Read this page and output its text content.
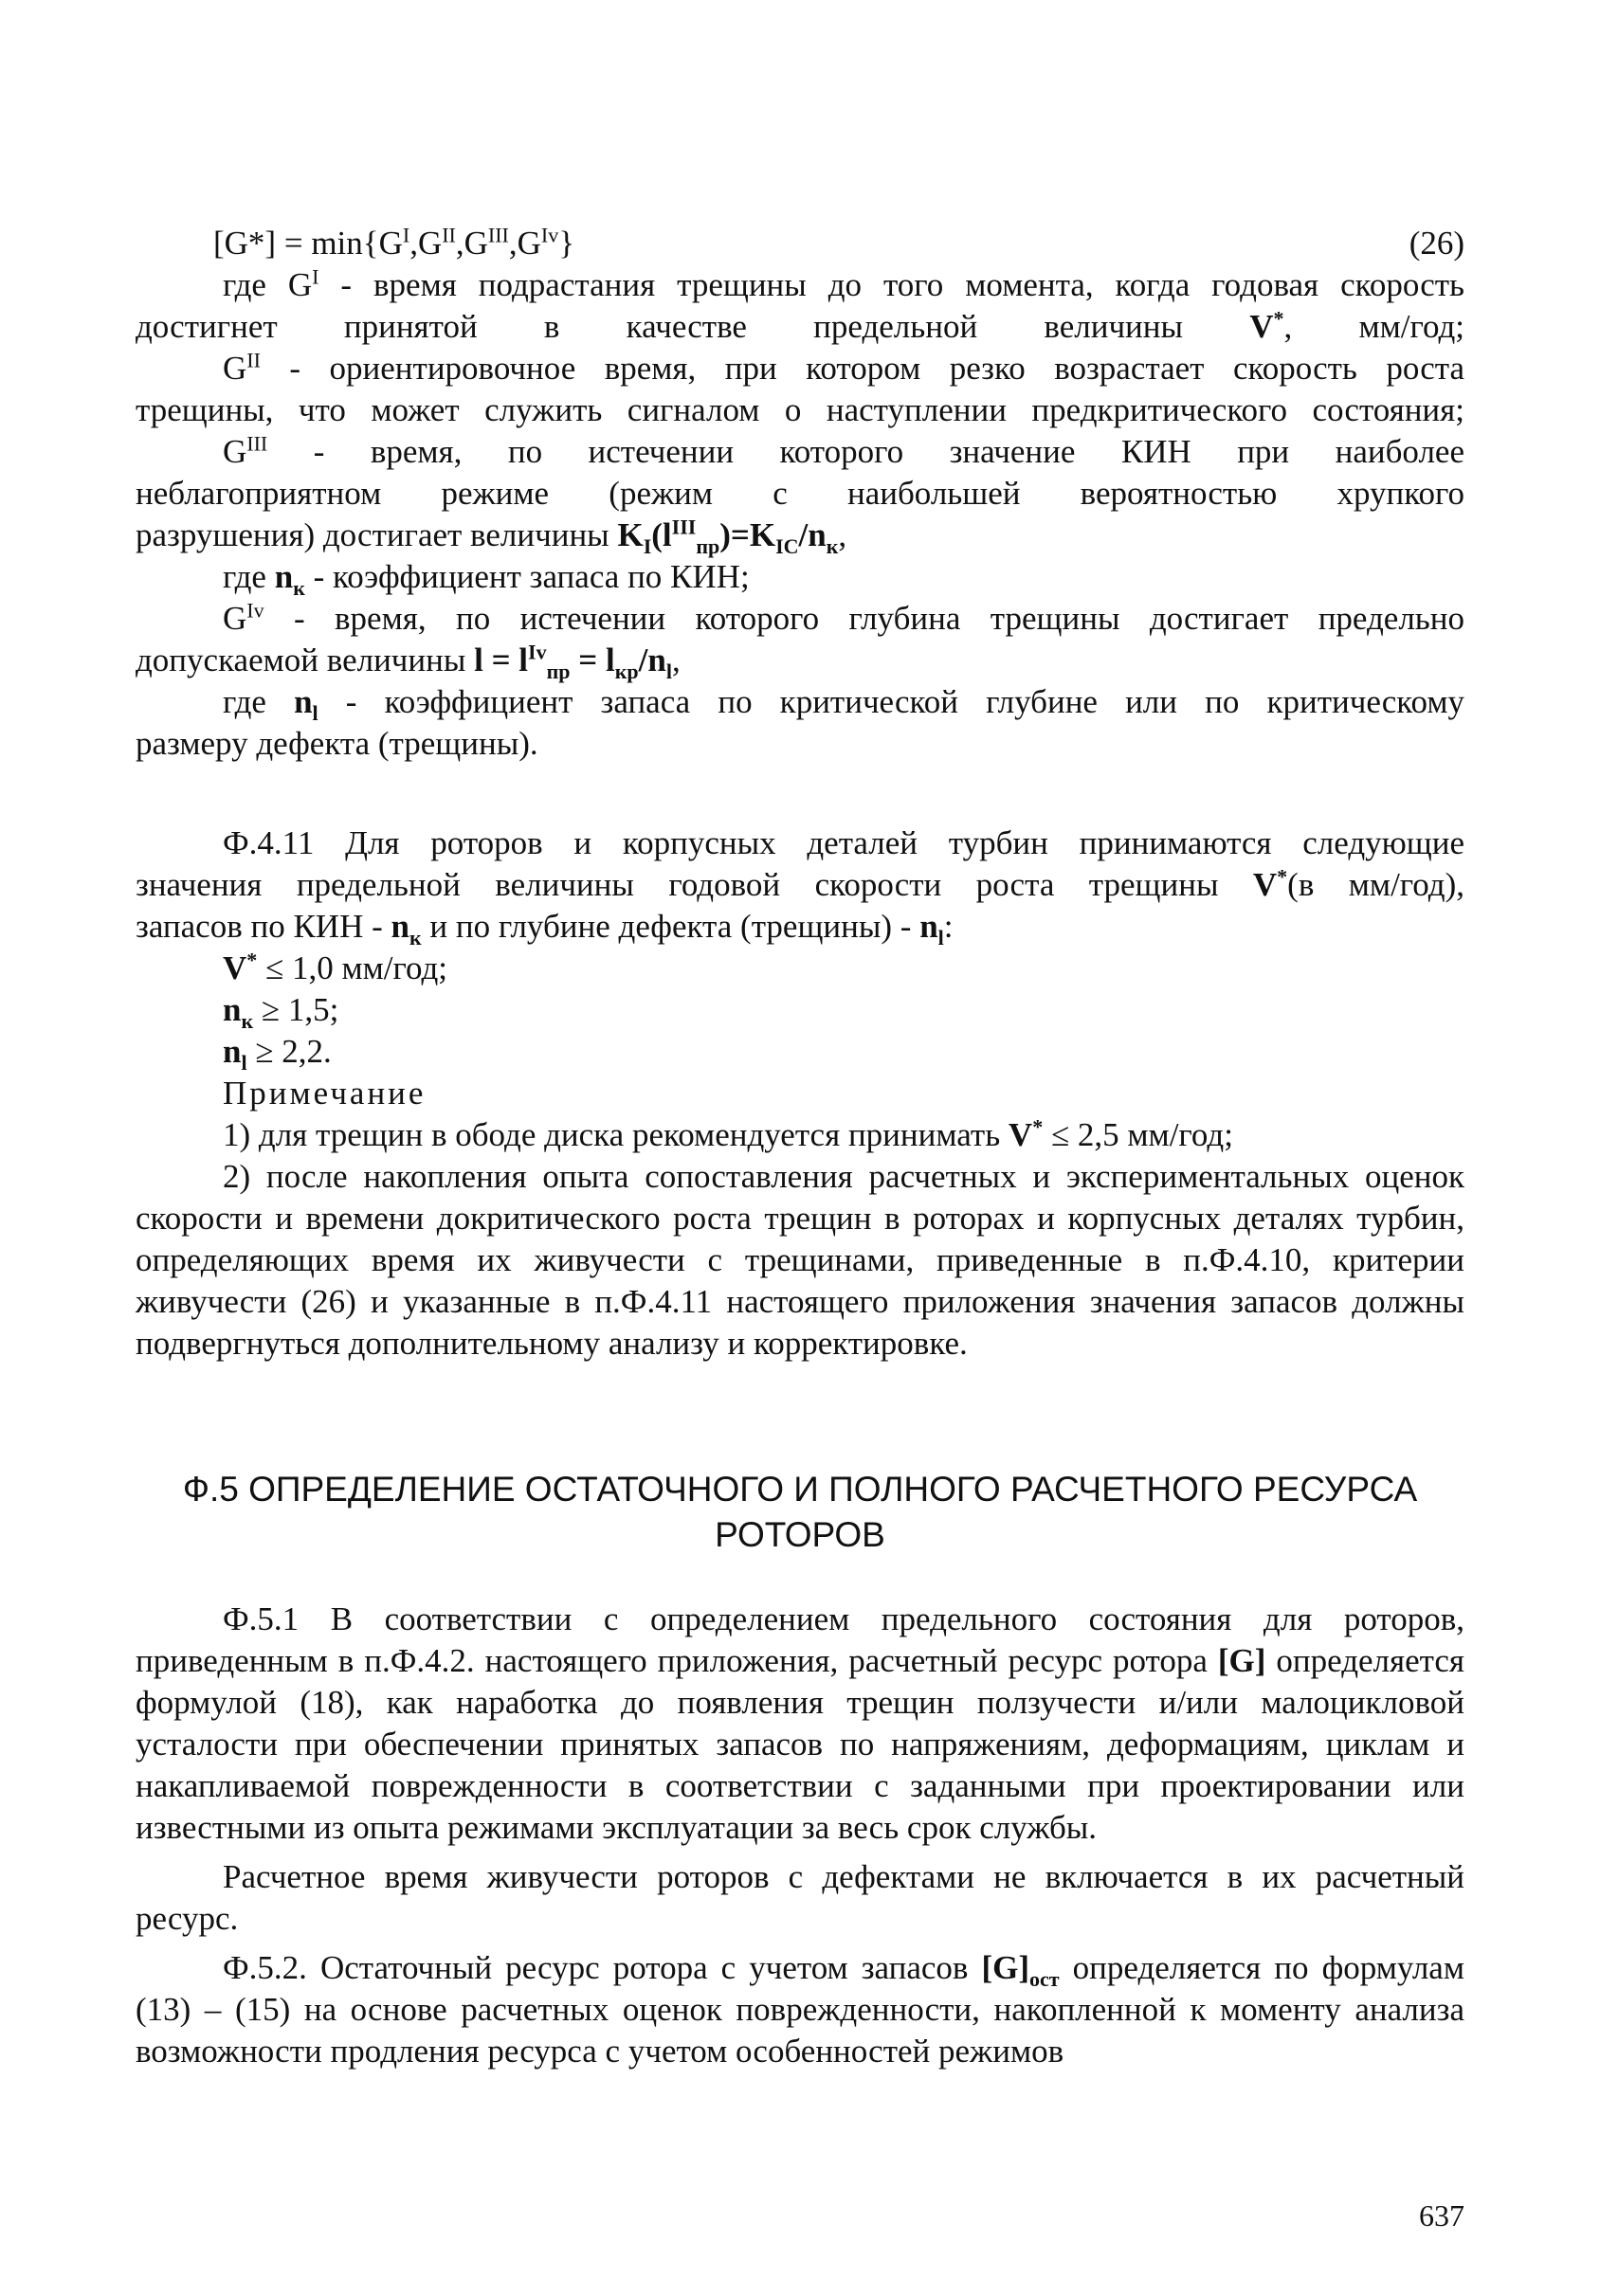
$[G*] = \min\{G^I,G^{II},G^{III},G^{Iv}\}$	(26)

где $G^I$ - время подрастания трещины до того момента, когда годовая скорость

достигнет принятой в качестве предельной величины V*, мм/год;

$G^{II}$ - ориентировочное время, при котором резко возрастает скорость роста

трещины, что может служить сигналом о наступлении предкритического состояния;

$G^{III}$ - время, по истечении которого значение КИН при наиболее

неблагоприятном режиме (режим с наибольшей вероятностью хрупкого

разрушения) достигает величины $K_I(l^{III}_{пр})=K_{IC}/n_к$,

где $n_к$ - коэффициент запаса по КИН;

$G^{Iv}$ - время, по истечении которого глубина трещины достигает предельно

допускаемой величины $l = l^{Iv}_{пр} = l_{кр}/n_l$,

где $n_l$ - коэффициент запаса по критической глубине или по критическому

размеру дефекта (трещины).

Ф.4.11 Для роторов и корпусных деталей турбин принимаются следующие

значения предельной величины годовой скорости роста трещины V*(в мм/год),

запасов по КИН - $n_к$ и по глубине дефекта (трещины) - $n_l$:

V* ≤ 1,0 мм/год;

$n_к \ge 1,5$;

$n_l \ge 2,2$.

Примечание

1) для трещин в ободе диска рекомендуется принимать V* ≤ 2,5 мм/год;

2) после накопления опыта сопоставления расчетных и экспериментальных оценок скорости и времени докритического роста трещин в роторах и корпусных деталях турбин, определяющих время их живучести с трещинами, приведенные в п.Ф.4.10, критерии живучести (26) и указанные в п.Ф.4.11 настоящего приложения значения запасов должны подвергнуться дополнительному анализу и корректировке.

Ф.5 ОПРЕДЕЛЕНИЕ ОСТАТОЧНОГО И ПОЛНОГО РАСЧЕТНОГО РЕСУРСА

РОТОРОВ

Ф.5.1 В соответствии с определением предельного состояния для роторов, приведенным в п.Ф.4.2. настоящего приложения, расчетный ресурс ротора [G] определяется формулой (18), как наработка до появления трещин ползучести и/или малоцикловой усталости при обеспечении принятых запасов по напряжениям, деформациям, циклам и накапливаемой поврежденности в соответствии с заданными при проектировании или известными из опыта режимами эксплуатации за весь срок службы.

Расчетное время живучести роторов с дефектами не включается в их расчетный ресурс.

Ф.5.2. Остаточный ресурс ротора с учетом запасов $[G]_{ост}$ определяется по формулам (13) – (15) на основе расчетных оценок поврежденности, накопленной к моменту анализа возможности продления ресурса с учетом особенностей режимов

637
